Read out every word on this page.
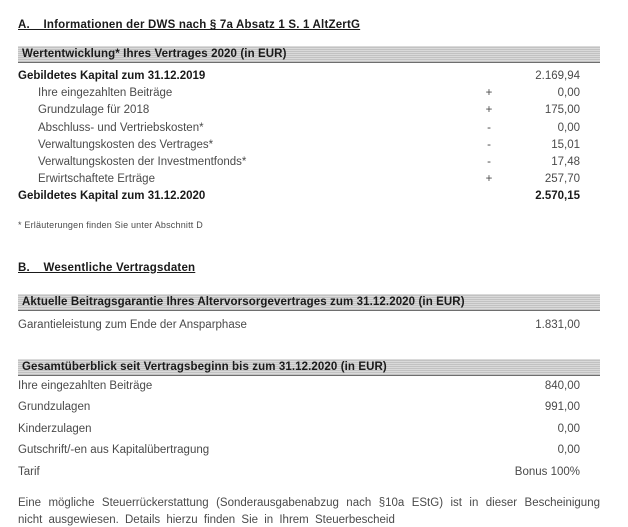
A.    Informationen der DWS nach § 7a Absatz 1 S. 1 AltZertG
Wertentwicklung* Ihres Vertrages 2020 (in EUR)
Gebildetes Kapital zum 31.12.2019	2.169,94
Ihre eingezahlten Beiträge	+	0,00
Grundzulage für 2018	+	175,00
Abschluss- und Vertriebskosten*	-	0,00
Verwaltungskosten des Vertrages*	-	15,01
Verwaltungskosten der Investmentfonds*	-	17,48
Erwirtschaftete Erträge	+	257,70
Gebildetes Kapital zum 31.12.2020	2.570,15
* Erläuterungen finden Sie unter Abschnitt D
B.    Wesentliche Vertragsdaten
Aktuelle Beitragsgarantie Ihres Altervorsorgevertrages zum 31.12.2020 (in EUR)
Garantieleistung zum Ende der Ansparphase	1.831,00
Gesamtüberblick seit Vertragsbeginn bis zum 31.12.2020 (in EUR)
Ihre eingezahlten Beiträge	840,00
Grundzulagen	991,00
Kinderzulagen	0,00
Gutschrift/-en aus Kapitalübertragung	0,00
Tarif	Bonus 100%
Eine mögliche Steuerrückerstattung (Sonderausgabenabzug nach §10a EStG) ist in dieser Bescheinigung nicht ausgewiesen. Details hierzu finden Sie in Ihrem Steuerbescheid
